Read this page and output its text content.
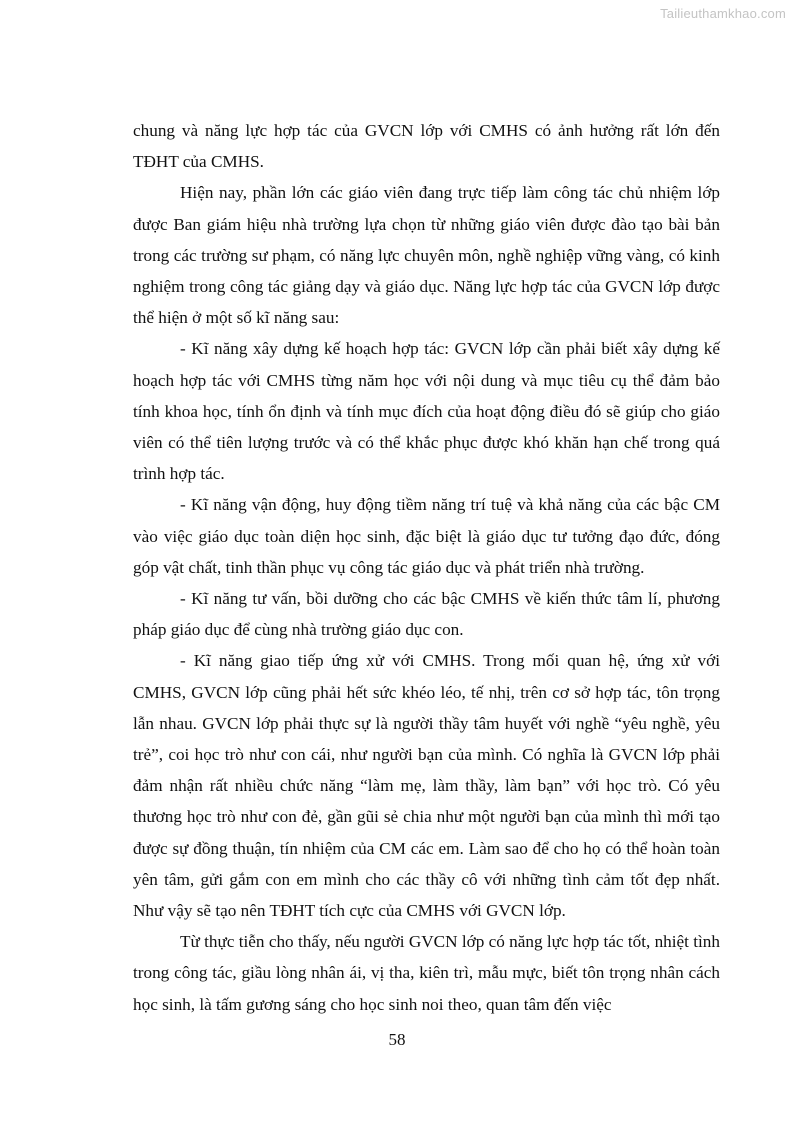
Tailieuthamkhao.com

chung và năng lực hợp tác của GVCN lớp với CMHS có ảnh hưởng rất lớn đến TĐHT của CMHS.

Hiện nay, phần lớn các giáo viên đang trực tiếp làm công tác chủ nhiệm lớp được Ban giám hiệu nhà trường lựa chọn từ những giáo viên được đào tạo bài bản trong các trường sư phạm, có năng lực chuyên môn, nghề nghiệp vững vàng, có kinh nghiệm trong công tác giảng dạy và giáo dục. Năng lực hợp tác của GVCN lớp được thể hiện ở một số kĩ năng sau:

- Kĩ năng xây dựng kế hoạch hợp tác: GVCN lớp cần phải biết xây dựng kế hoạch hợp tác với CMHS từng năm học với nội dung và mục tiêu cụ thể đảm bảo tính khoa học, tính ổn định và tính mục đích của hoạt động điều đó sẽ giúp cho giáo viên có thể tiên lượng trước và có thể khắc phục được khó khăn hạn chế trong quá trình hợp tác.

- Kĩ năng vận động, huy động tiềm năng trí tuệ và khả năng của các bậc CM vào việc giáo dục toàn diện học sinh, đặc biệt là giáo dục tư tưởng đạo đức, đóng góp vật chất, tinh thần phục vụ công tác giáo dục và phát triển nhà trường.

- Kĩ năng tư vấn, bồi dưỡng cho các bậc CMHS về kiến thức tâm lí, phương pháp giáo dục để cùng nhà trường giáo dục con.

- Kĩ năng giao tiếp ứng xử với CMHS. Trong mối quan hệ, ứng xử với CMHS, GVCN lớp cũng phải hết sức khéo léo, tế nhị, trên cơ sở hợp tác, tôn trọng lẫn nhau. GVCN lớp phải thực sự là người thầy tâm huyết với nghề “yêu nghề, yêu trẻ”, coi học trò như con cái, như người bạn của mình. Có nghĩa là GVCN lớp phải đảm nhận rất nhiều chức năng “làm mẹ, làm thầy, làm bạn” với học trò. Có yêu thương học trò như con đẻ, gần gũi sẻ chia như một người bạn của mình thì mới tạo được sự đồng thuận, tín nhiệm của CM các em. Làm sao để cho họ có thể hoàn toàn yên tâm, gửi gắm con em mình cho các thầy cô với những tình cảm tốt đẹp nhất. Như vậy sẽ tạo nên TĐHT tích cực của CMHS với GVCN lớp.

Từ thực tiễn cho thấy, nếu người GVCN lớp có năng lực hợp tác tốt, nhiệt tình trong công tác, giầu lòng nhân ái, vị tha, kiên trì, mẫu mực, biết tôn trọng nhân cách học sinh, là tấm gương sáng cho học sinh noi theo, quan tâm đến việc

58
